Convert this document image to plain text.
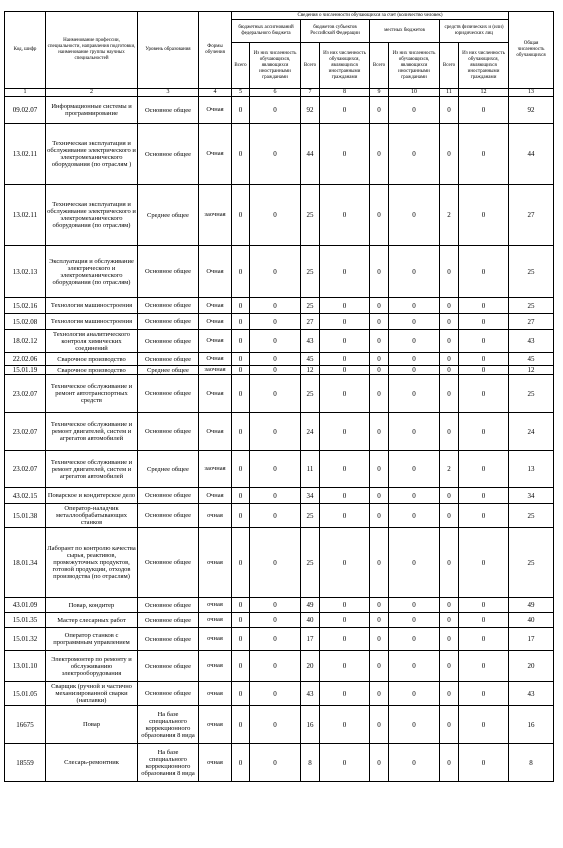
Код, шифр	Наименование профессии, специальности, направления подготовки, наименование группы научных специальностей	Уровень образования	Формы обучения	Сведения о численности обучающихся за счет (количество человек)								Общая численность обучающихся
				бюджетных ассигнований федерального бюджета		бюджетов субъектов Российской Федерации		местных бюджетов		средств физических и (или) юридических лиц		
				Всего	Из них численность обучающихся, являющихся иностранными гражданами	Всего	Из них численность обучающихся, являющихся иностранными гражданами	Всего	Из них численность обучающихся, являющихся иностранными гражданами	Всего	Из них численность обучающихся, являющихся иностранными гражданами	
1	2	3	4	5	6	7	8	9	10	11	12	13
09.02.07	Информационные системы и программирование	Основное общее	Очная	0	0	92	0	0	0	0	0	92
13.02.11	Техническая эксплуатация и обслуживание электрического и электромеханического оборудования (по отраслям )	Основное общее	Очная	0	0	44	0	0	0	0	0	44
13.02.11	Техническая эксплуатация и обслуживание электрического и электромеханического оборудования (по отраслям)	Среднее общее	заочная	0	0	25	0	0	0	2	0	27
13.02.13	Эксплуатация и обслуживание электрического и электромеханического оборудования (по отраслям)	Основное общее	Очная	0	0	25	0	0	0	0	0	25
15.02.16	Технология машиностроения	Основное общее	Очная	0	0	25	0	0	0	0	0	25
15.02.08	Технология машиностроения	Основное общее	Очная	0	0	27	0	0	0	0	0	27
18.02.12	Технология аналитического контроля химических соединений	Основное общее	Очная	0	0	43	0	0	0	0	0	43
22.02.06	Сварочное производство	Основное общее	Очная	0	0	45	0	0	0	0	0	45
15.01.19	Сварочное производство	Среднее общее	заочная	0	0	12	0	0	0	0	0	12
23.02.07	Техническое обслуживание и ремонт автотранспортных средств	Основное общее	Очная	0	0	25	0	0	0	0	0	25
23.02.07	Техническое обслуживание и ремонт двигателей, систем и агрегатов автомобилей	Основное общее	Очная	0	0	24	0	0	0	0	0	24
23.02.07	Техническое обслуживание и ремонт двигателей, систем и агрегатов автомобилей	Среднее общее	заочная	0	0	11	0	0	0	2	0	13
43.02.15	Поварское и кондитерское дело	Основное общее	Очная	0	0	34	0	0	0	0	0	34
15.01.38	Оператор-наладчик металлообрабатывающих станков	Основное общее	очная	0	0	25	0	0	0	0	0	25
18.01.34	Лаборант по контролю качества сырья, реактивов, промежуточных продуктов, готовой продукции, отходов производства (по отраслям)	Основное общее	очная	0	0	25	0	0	0	0	0	25
43.01.09	Повар, кондитер	Основное общее	очная	0	0	49	0	0	0	0	0	49
15.01.35	Мастер слесарных работ	Основное общее	очная	0	0	40	0	0	0	0	0	40
15.01.32	Оператор станков с программным управлением	Основное общее	очная	0	0	17	0	0	0	0	0	17
13.01.10	Электромонтер по ремонту и обслуживанию электрооборудования	Основное общее	очная	0	0	20	0	0	0	0	0	20
15.01.05	Сварщик (ручной и частично механизированной сварки (наплавки)	Основное общее	очная	0	0	43	0	0	0	0	0	43
16675	Повар	На базе специального коррекционного образования 8 вида	очная	0	0	16	0	0	0	0	0	16
18559	Слесарь-ремонтник	На базе специального коррекционного образования 8 вида	очная	0	0	8	0	0	0	0	0	8
